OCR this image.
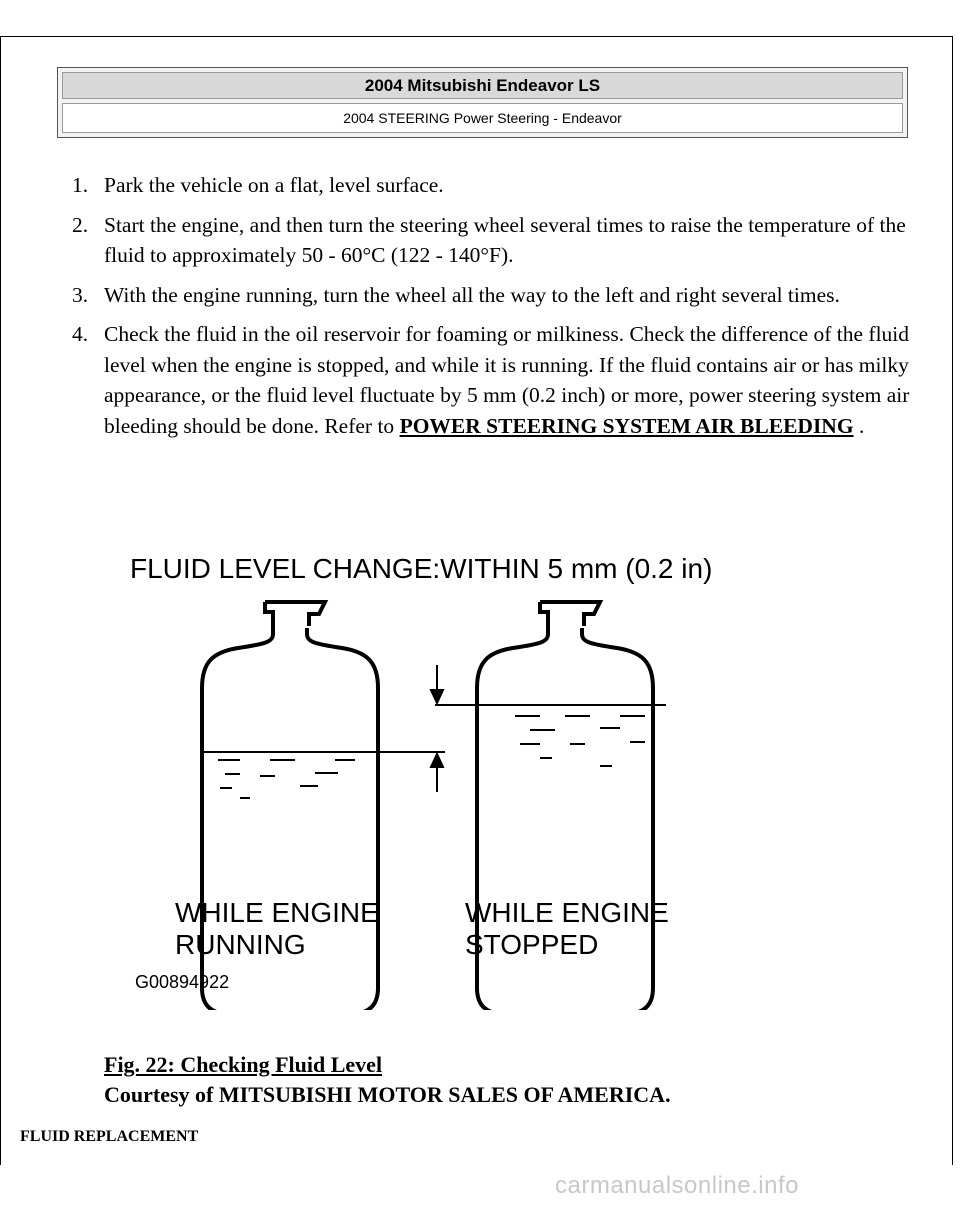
2004 Mitsubishi Endeavor LS
2004 STEERING Power Steering - Endeavor
1. Park the vehicle on a flat, level surface.
2. Start the engine, and then turn the steering wheel several times to raise the temperature of the fluid to approximately 50 - 60°C (122 - 140°F).
3. With the engine running, turn the wheel all the way to the left and right several times.
4. Check the fluid in the oil reservoir for foaming or milkiness. Check the difference of the fluid level when the engine is stopped, and while it is running. If the fluid contains air or has milky appearance, or the fluid level fluctuate by 5 mm (0.2 inch) or more, power steering system air bleeding should be done. Refer to POWER STEERING SYSTEM AIR BLEEDING .
FLUID LEVEL CHANGE:WITHIN 5 mm (0.2 in)
WHILE ENGINE
RUNNING
WHILE ENGINE
STOPPED
G00894922
Fig. 22: Checking Fluid Level
Courtesy of MITSUBISHI MOTOR SALES OF AMERICA.
FLUID REPLACEMENT
carmanualsonline.info
